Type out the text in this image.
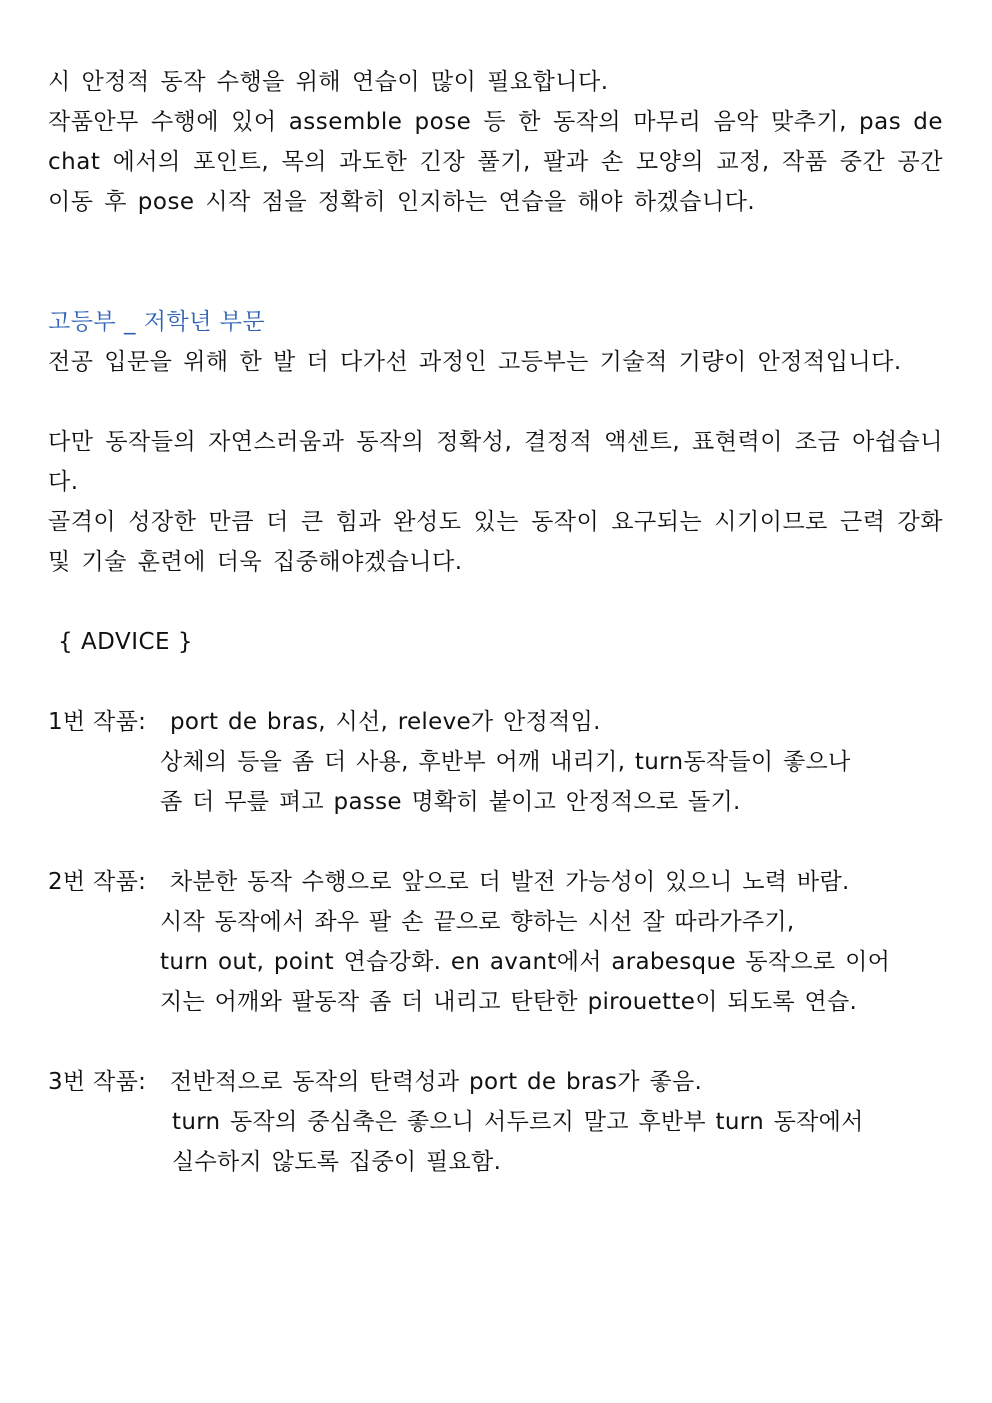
시 안정적 동작 수행을 위해 연습이 많이 필요합니다.
작품안무 수행에 있어 assemble pose 등 한 동작의 마무리 음악 맞추기, pas de chat 에서의 포인트, 목의 과도한 긴장 풀기, 팔과 손 모양의 교정, 작품 중간 공간 이동 후 pose 시작 점을 정확히 인지하는 연습을 해야 하겠습니다.
고등부 _ 저학년 부문
전공 입문을 위해 한 발 더 다가선 과정인 고등부는 기술적 기량이 안정적입니다.
다만 동작들의 자연스러움과 동작의 정확성, 결정적 액센트, 표현력이 조금 아쉽습니다.
골격이 성장한 만큼 더 큰 힘과 완성도 있는 동작이 요구되는 시기이므로 근력 강화 및 기술 훈련에 더욱 집중해야겠습니다.
{ ADVICE }
1번 작품: port de bras, 시선, releve가 안정적임.
상체의 등을 좀 더 사용, 후반부 어깨 내리기, turn동작들이 좋으나
좀 더 무릎 펴고 passe 명확히 붙이고 안정적으로 돌기.
2번 작품: 차분한 동작 수행으로 앞으로 더 발전 가능성이 있으니 노력 바람.
시작 동작에서 좌우 팔 손 끝으로 향하는 시선 잘 따라가주기,
turn out, point 연습강화. en avant에서 arabesque 동작으로 이어
지는 어깨와 팔동작 좀 더 내리고 탄탄한 pirouette이 되도록 연습.
3번 작품: 전반적으로 동작의 탄력성과 port de bras가 좋음.
turn 동작의 중심축은 좋으니 서두르지 말고 후반부 turn 동작에서
실수하지 않도록 집중이 필요함.
